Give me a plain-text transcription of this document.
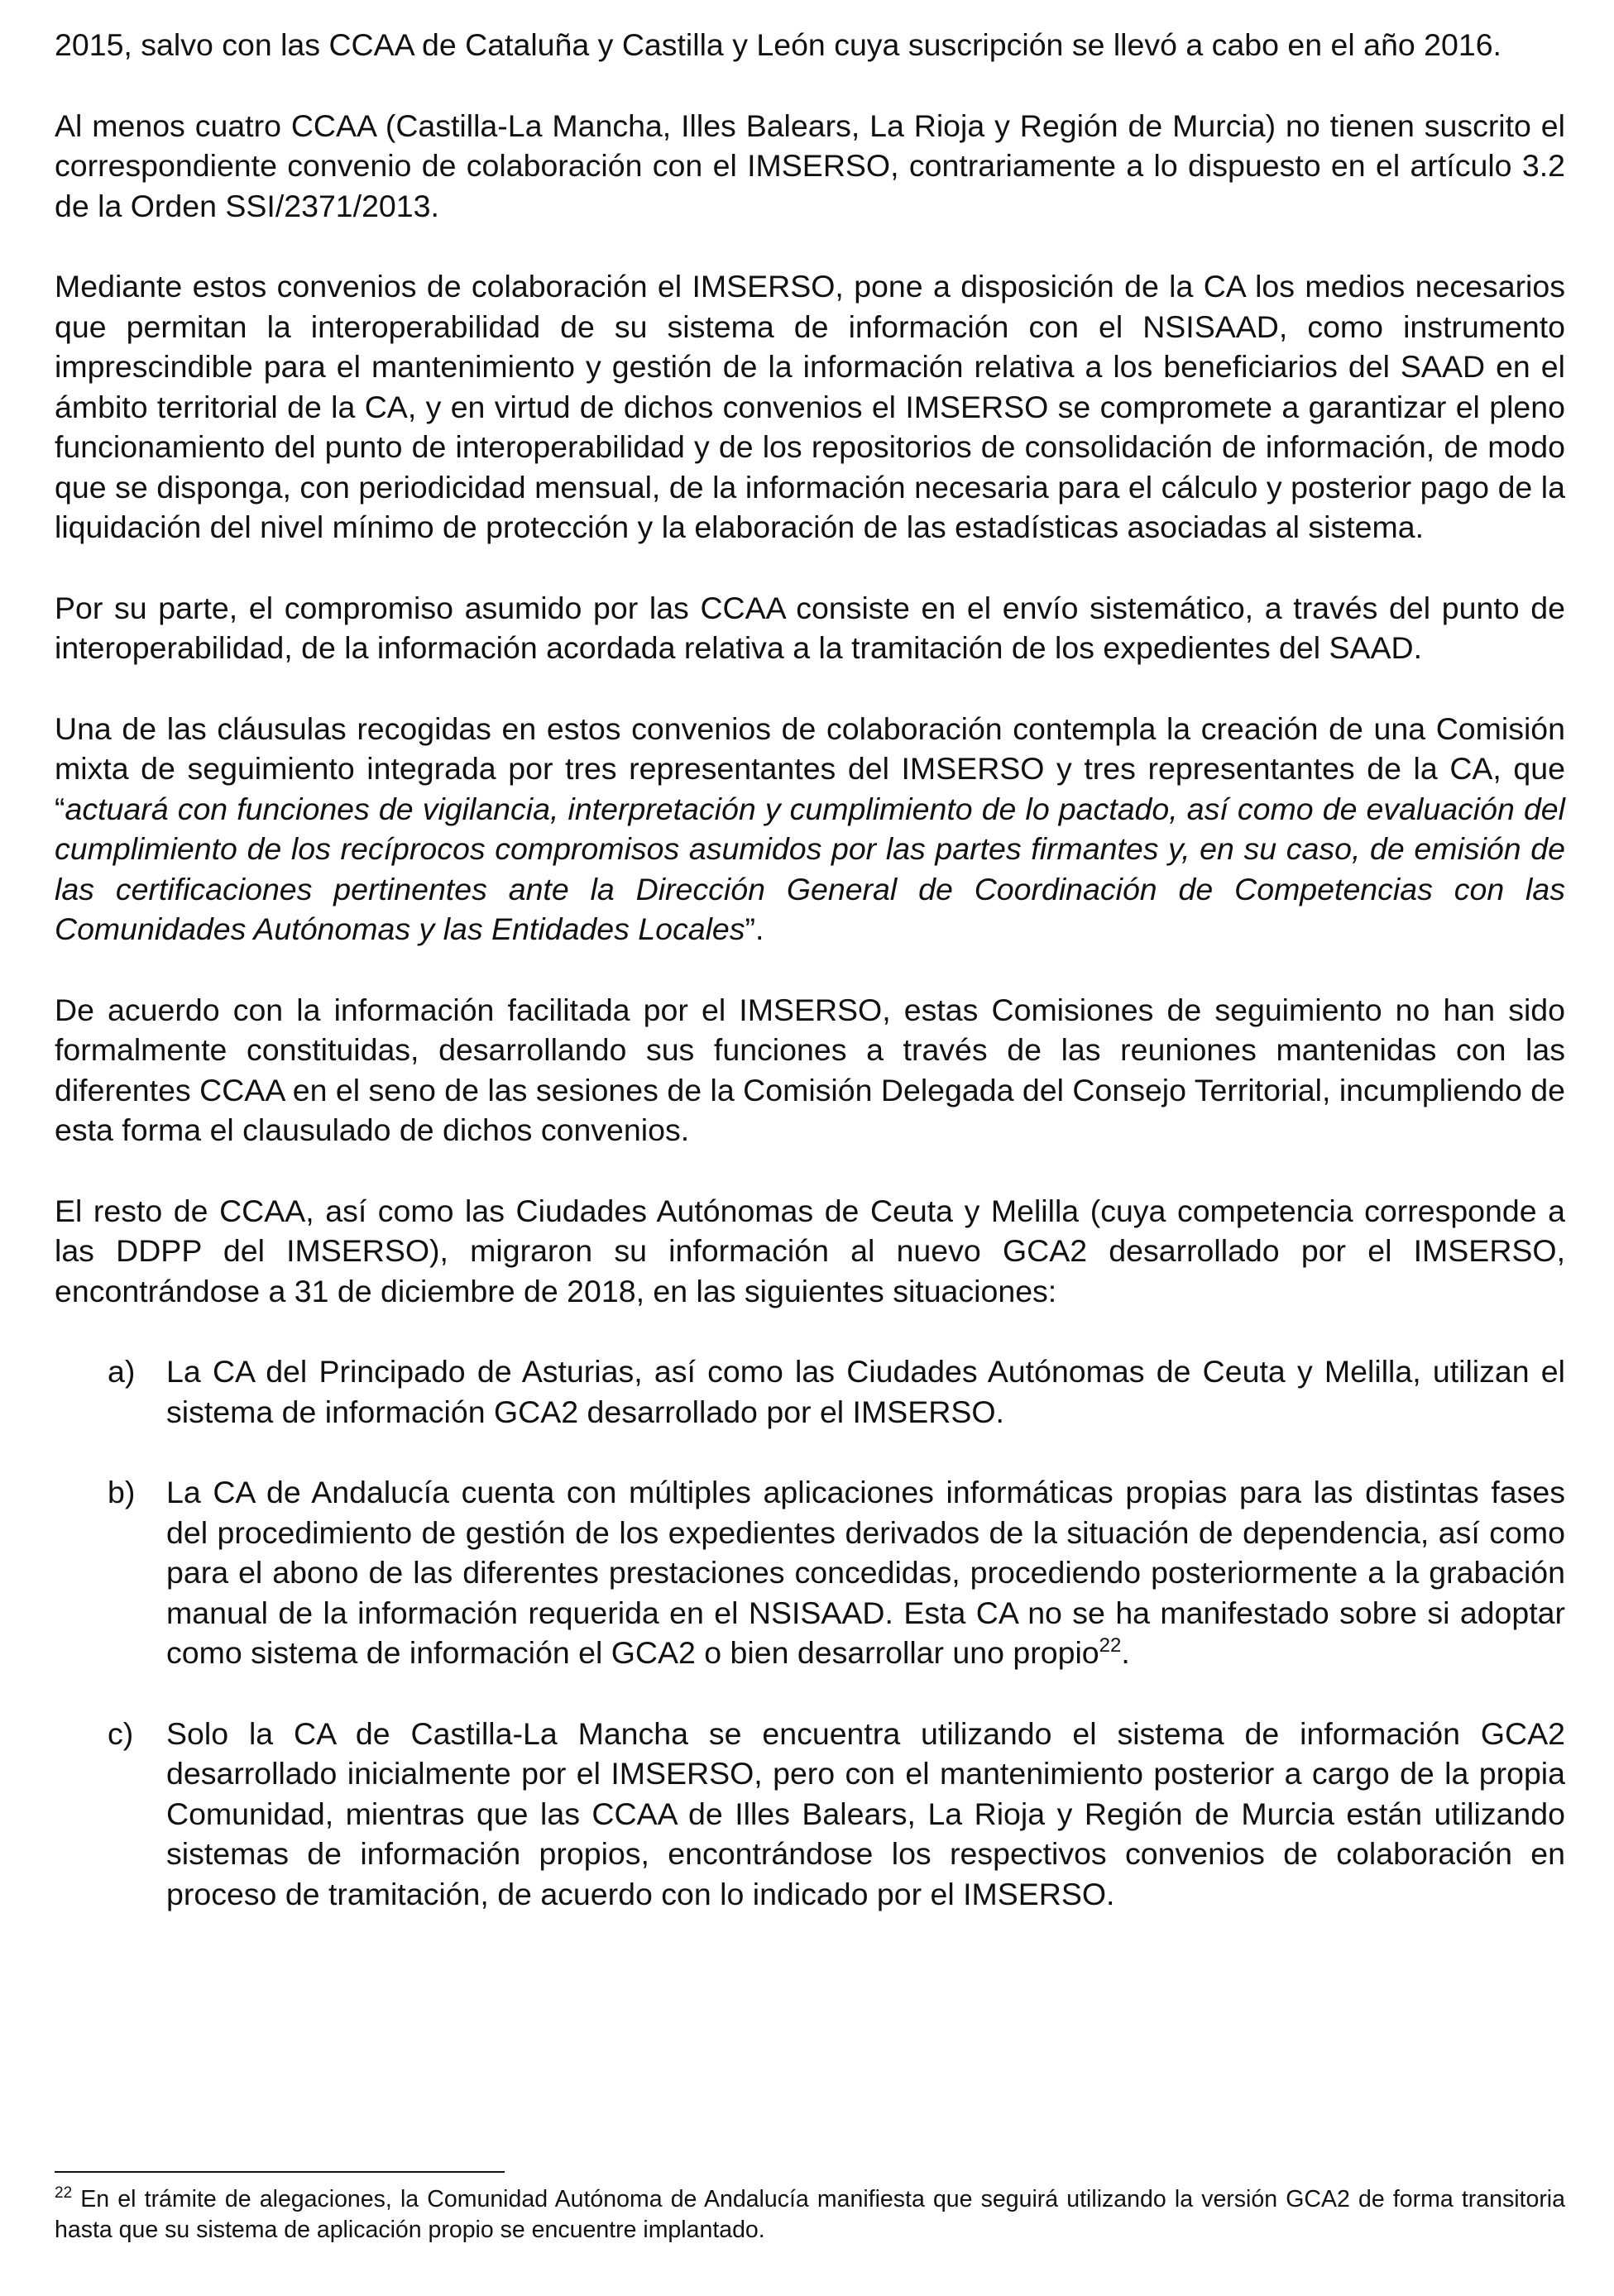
2015, salvo con las CCAA de Cataluña y Castilla y León cuya suscripción se llevó a cabo en el año 2016.

Al menos cuatro CCAA (Castilla-La Mancha, Illes Balears, La Rioja y Región de Murcia) no tienen suscrito el correspondiente convenio de colaboración con el IMSERSO, contrariamente a lo dispuesto en el artículo 3.2 de la Orden SSI/2371/2013.

Mediante estos convenios de colaboración el IMSERSO, pone a disposición de la CA los medios necesarios que permitan la interoperabilidad de su sistema de información con el NSISAAD, como instrumento imprescindible para el mantenimiento y gestión de la información relativa a los beneficiarios del SAAD en el ámbito territorial de la CA, y en virtud de dichos convenios el IMSERSO se compromete a garantizar el pleno funcionamiento del punto de interoperabilidad y de los repositorios de consolidación de información, de modo que se disponga, con periodicidad mensual, de la información necesaria para el cálculo y posterior pago de la liquidación del nivel mínimo de protección y la elaboración de las estadísticas asociadas al sistema.

Por su parte, el compromiso asumido por las CCAA consiste en el envío sistemático, a través del punto de interoperabilidad, de la información acordada relativa a la tramitación de los expedientes del SAAD.

Una de las cláusulas recogidas en estos convenios de colaboración contempla la creación de una Comisión mixta de seguimiento integrada por tres representantes del IMSERSO y tres representantes de la CA, que “actuará con funciones de vigilancia, interpretación y cumplimiento de lo pactado, así como de evaluación del cumplimiento de los recíprocos compromisos asumidos por las partes firmantes y, en su caso, de emisión de las certificaciones pertinentes ante la Dirección General de Coordinación de Competencias con las Comunidades Autónomas y las Entidades Locales”.

De acuerdo con la información facilitada por el IMSERSO, estas Comisiones de seguimiento no han sido formalmente constituidas, desarrollando sus funciones a través de las reuniones mantenidas con las diferentes CCAA en el seno de las sesiones de la Comisión Delegada del Consejo Territorial, incumpliendo de esta forma el clausulado de dichos convenios.

El resto de CCAA, así como las Ciudades Autónomas de Ceuta y Melilla (cuya competencia corresponde a las DDPP del IMSERSO), migraron su información al nuevo GCA2 desarrollado por el IMSERSO, encontrándose a 31 de diciembre de 2018, en las siguientes situaciones:

a)	La CA del Principado de Asturias, así como las Ciudades Autónomas de Ceuta y Melilla, utilizan el sistema de información GCA2 desarrollado por el IMSERSO.
b)	La CA de Andalucía cuenta con múltiples aplicaciones informáticas propias para las distintas fases del procedimiento de gestión de los expedientes derivados de la situación de dependencia, así como para el abono de las diferentes prestaciones concedidas, procediendo posteriormente a la grabación manual de la información requerida en el NSISAAD. Esta CA no se ha manifestado sobre si adoptar como sistema de información el GCA2 o bien desarrollar uno propio$^{22}$.
c)	Solo la CA de Castilla-La Mancha se encuentra utilizando el sistema de información GCA2 desarrollado inicialmente por el IMSERSO, pero con el mantenimiento posterior a cargo de la propia Comunidad, mientras que las CCAA de Illes Balears, La Rioja y Región de Murcia están utilizando sistemas de información propios, encontrándose los respectivos convenios de colaboración en proceso de tramitación, de acuerdo con lo indicado por el IMSERSO.

$^{22}$ En el trámite de alegaciones, la Comunidad Autónoma de Andalucía manifiesta que seguirá utilizando la versión GCA2 de forma transitoria hasta que su sistema de aplicación propio se encuentre implantado.
